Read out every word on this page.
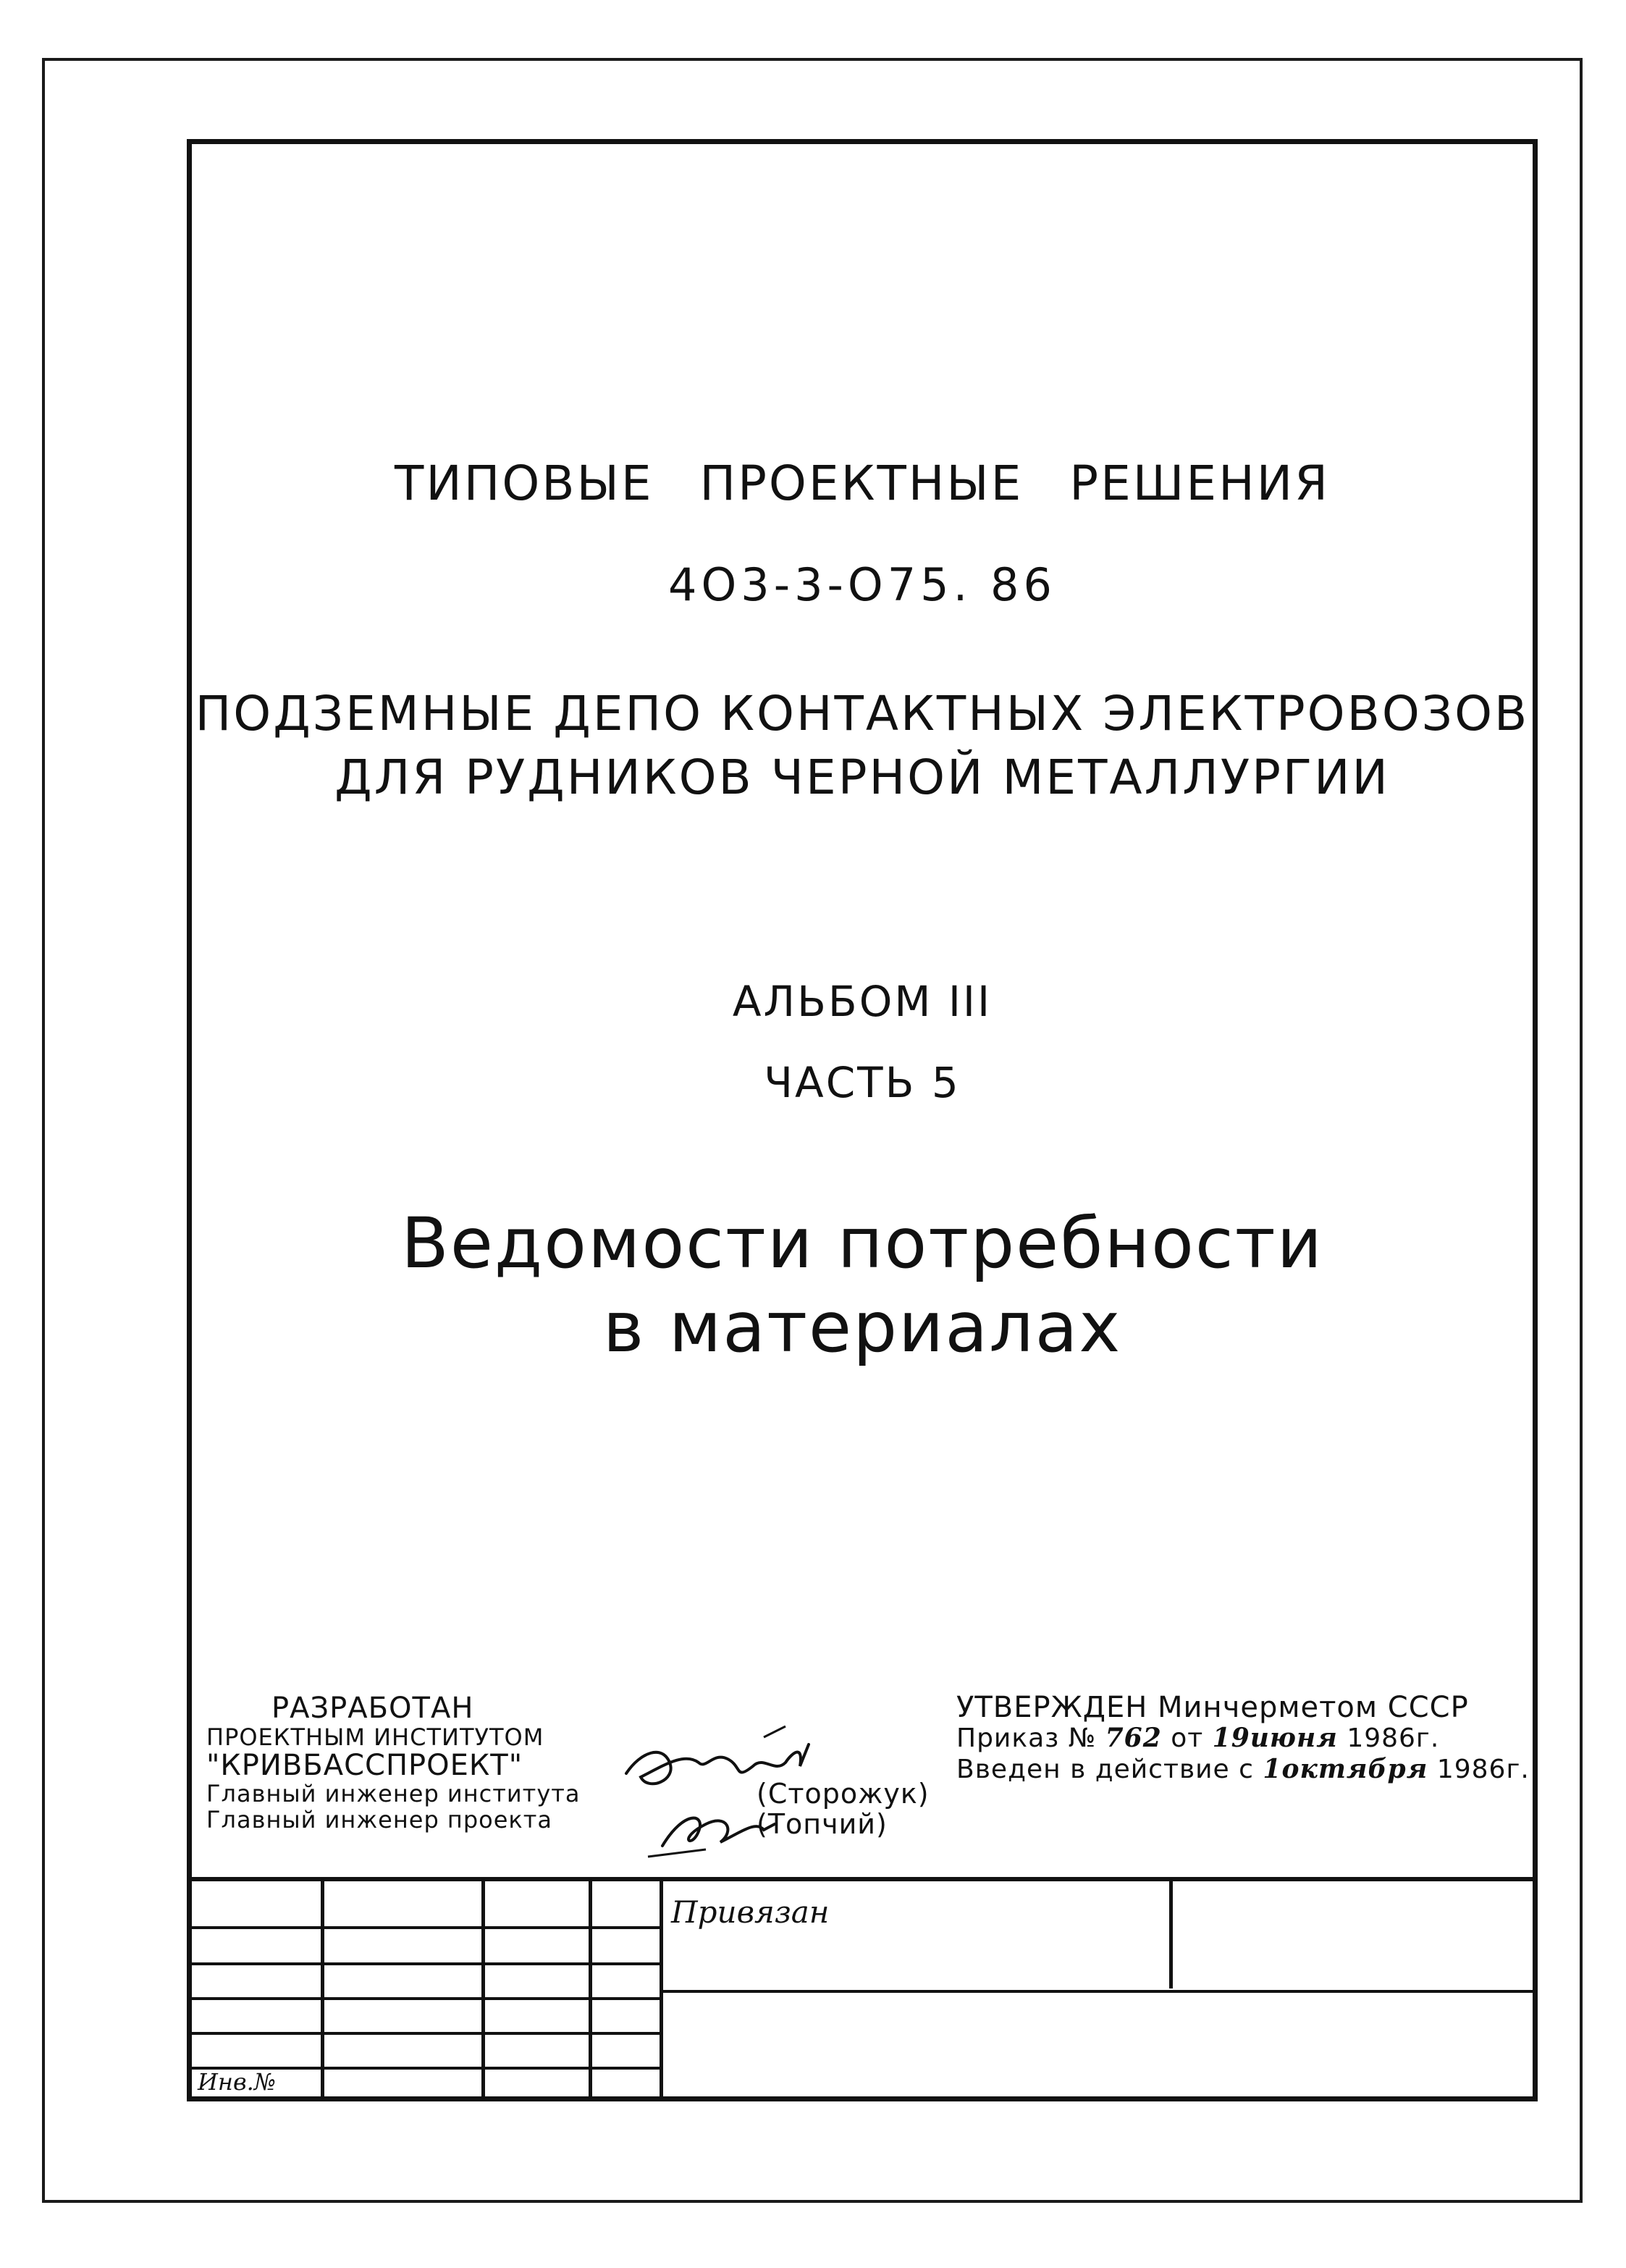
ТИПОВЫЕ ПРОЕКТНЫЕ РЕШЕНИЯ
4О3-3-О75. 86
ПОДЗЕМНЫЕ ДЕПО КОНТАКТНЫХ ЭЛЕКТРОВОЗОВ
ДЛЯ РУДНИКОВ ЧЕРНОЙ МЕТАЛЛУРГИИ
АЛЬБОМ III
ЧАСТЬ 5
Ведомости потребности
в материалах
РАЗРАБОТАН
ПРОЕКТНЫМ ИНСТИТУТОМ
"КРИВБАССПРОЕКТ"
Главный инженер института	(Сторожук)
Главный инженер проекта	(Топчий)
УТВЕРЖДЕН Минчерметом СССР
Приказ № 762 от 19июня 1986г.
Введен в действие с 1октября 1986г.
Привязан
Инв.№
